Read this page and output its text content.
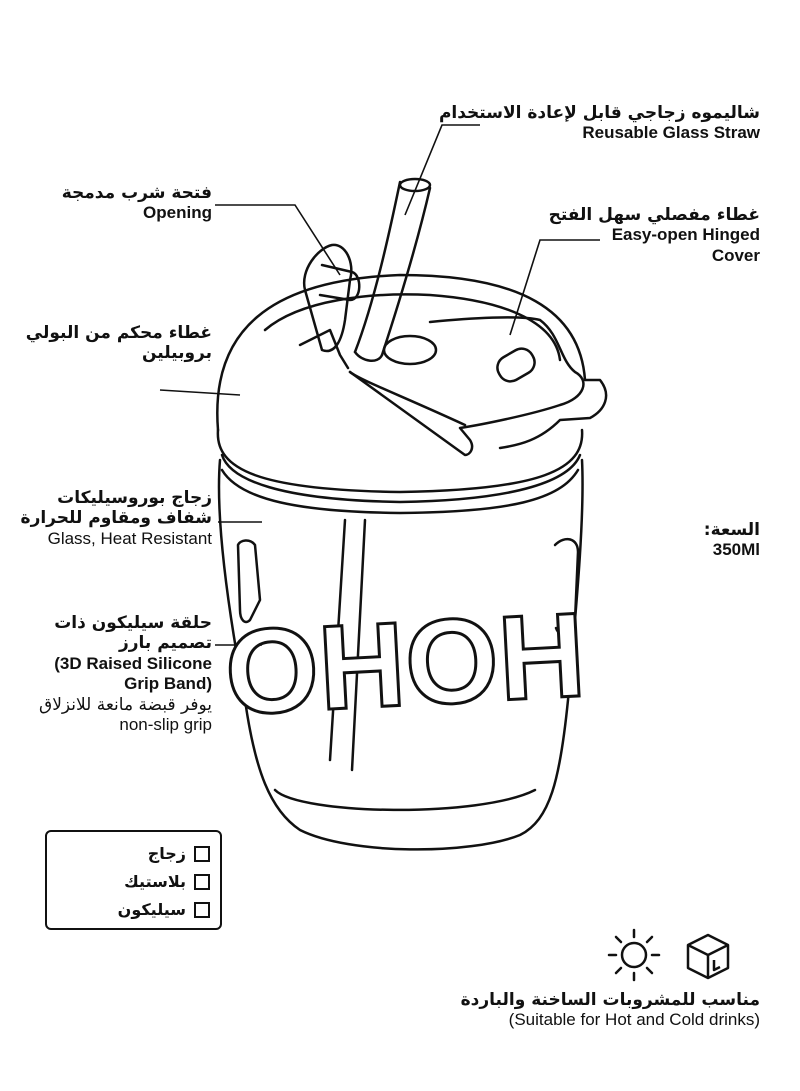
OHOH
شاليموه زجاجي قابل لإعادة الاستخدام
Reusable Glass Straw
فتحة شرب مدمجة
Opening	غطاء مفصلي سهل الفتح
Easy-open Hinged
Cover
غطاء محكم من البولي
بروبيلين
زجاج بوروسيليكات
شفاف ومقاوم للحرارة
Glass, Heat Resistant	السعة:
350Ml
حلقة سيليكون ذات
تصميم بارز
(3D Raised Silicone
Grip Band)
يوفر قبضة مانعة للانزلاق
non-slip grip
زجاج
بلاستيك
سيليكون
مناسب للمشروبات الساخنة والباردة
(Suitable for Hot and Cold drinks)
